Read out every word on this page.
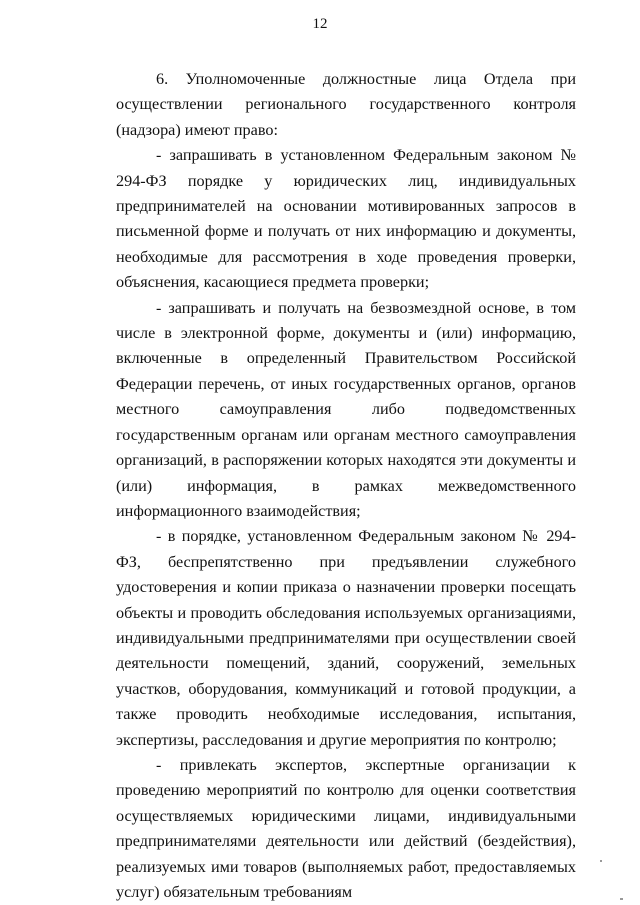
12

6. Уполномоченные должностные лица Отдела при осуществлении регионального государственного контроля (надзора) имеют право:

- запрашивать в установленном Федеральным законом № 294-ФЗ порядке у юридических лиц, индивидуальных предпринимателей на основании мотивированных запросов в письменной форме и получать от них информацию и документы, необходимые для рассмотрения в ходе проведения проверки, объяснения, касающиеся предмета проверки;

- запрашивать и получать на безвозмездной основе, в том числе в электронной форме, документы и (или) информацию, включенные в определенный Правительством Российской Федерации перечень, от иных государственных органов, органов местного самоуправления либо подведомственных государственным органам или органам местного самоуправления организаций, в распоряжении которых находятся эти документы и (или) информация, в рамках межведомственного информационного взаимодействия;

- в порядке, установленном Федеральным законом № 294-ФЗ, беспрепятственно при предъявлении служебного удостоверения и копии приказа о назначении проверки посещать объекты и проводить обследования используемых организациями, индивидуальными предпринимателями при осуществлении своей деятельности помещений, зданий, сооружений, земельных участков, оборудования, коммуникаций и готовой продукции, а также проводить необходимые исследования, испытания, экспертизы, расследования и другие мероприятия по контролю;

- привлекать экспертов, экспертные организации к проведению мероприятий по контролю для оценки соответствия осуществляемых юридическими лицами, индивидуальными предпринимателями деятельности или действий (бездействия), реализуемых ими товаров (выполняемых работ, предоставляемых услуг) обязательным требованиям
